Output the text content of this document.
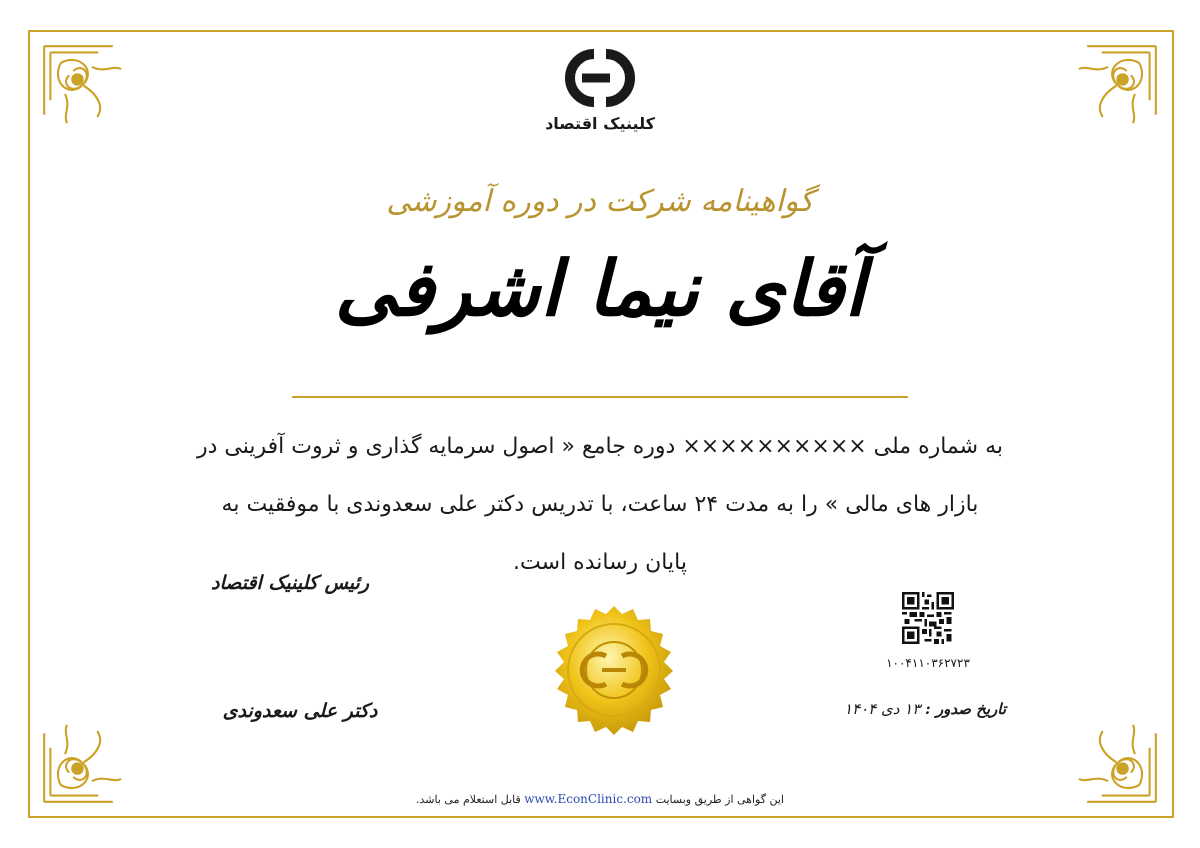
کلینیک اقتصاد
گواهینامه شرکت در دوره آموزشی
آقای نیما اشرفی
به شماره ملی ×××××××××× دوره جامع « اصول سرمایه گذاری و ثروت آفرینی در
بازار های مالی » را به مدت ۲۴ ساعت، با تدریس دکتر علی سعدوندی با موفقیت به
پایان رسانده است.
رئیس کلینیک اقتصاد
دکتر علی سعدوندی
۱۰۰۴۱۱۰۳۶۲۷۲۳
تاریخ صدور : ۱۳ دی ۱۴۰۴
این گواهی از طریق وبسایت www.EconClinic.com قابل استعلام می باشد.
